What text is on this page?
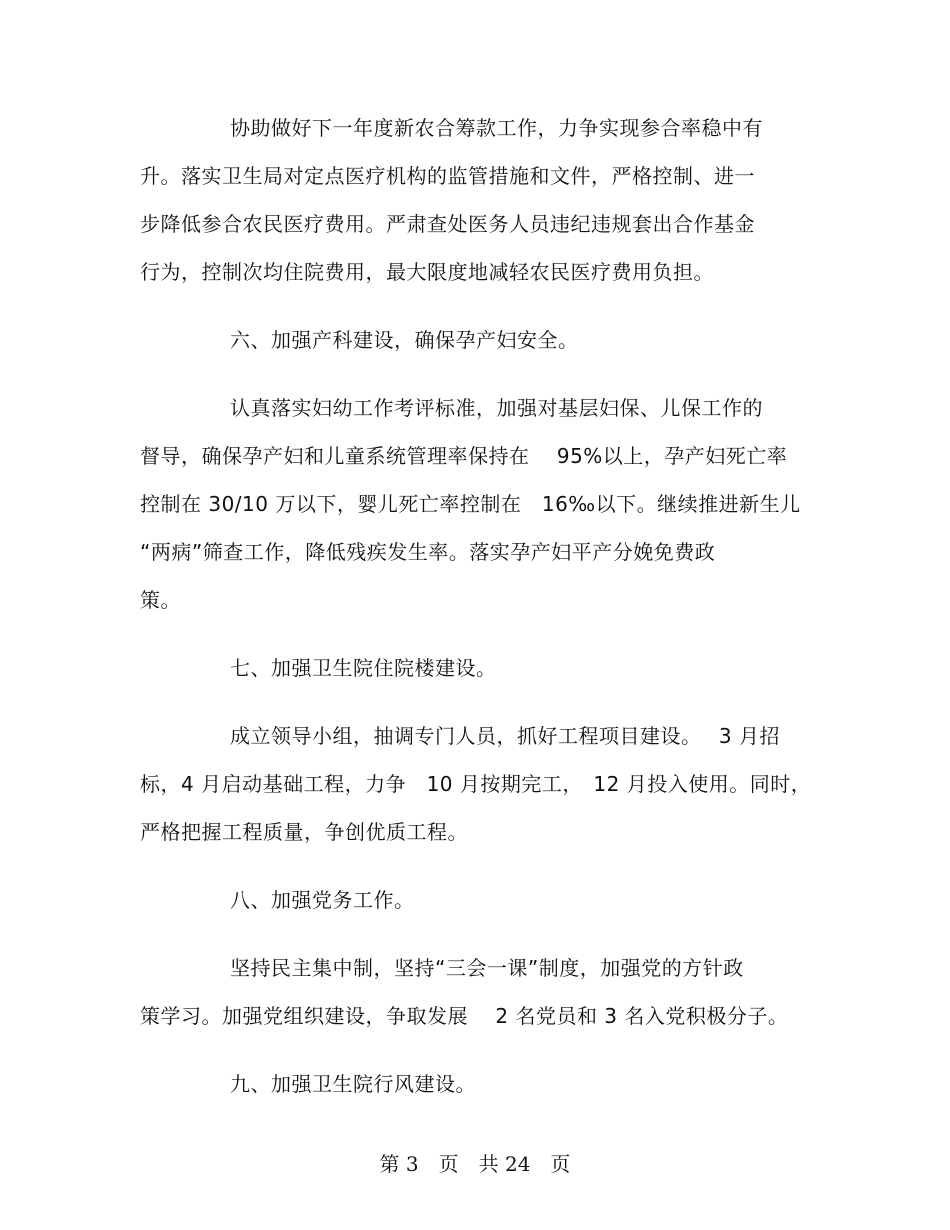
协助做好下一年度新农合筹款工作，力争实现参合率稳中有
升。落实卫生局对定点医疗机构的监管措施和文件，严格控制、进一
步降低参合农民医疗费用。严肃查处医务人员违纪违规套出合作基金
行为，控制次均住院费用，最大限度地减轻农民医疗费用负担。
六、加强产科建设，确保孕产妇安全。
认真落实妇幼工作考评标准，加强对基层妇保、儿保工作的
督导，确保孕产妇和儿童系统管理率保持在　 95%以上，孕产妇死亡率
控制在 30/10 万以下，婴儿死亡率控制在　16‰以下。继续推进新生儿
“两病”筛查工作，降低残疾发生率。落实孕产妇平产分娩免费政
策。
七、加强卫生院住院楼建设。
成立领导小组，抽调专门人员，抓好工程项目建设。　 3 月招
标，4 月启动基础工程，力争　10 月按期完工，　12 月投入使用。同时，
严格把握工程质量，争创优质工程。
八、加强党务工作。
坚持民主集中制，坚持“三会一课”制度，加强党的方针政
策学习。加强党组织建设，争取发展　 2 名党员和 3 名入党积极分子。
九、加强卫生院行风建设。
第 3　页　共 24　页
